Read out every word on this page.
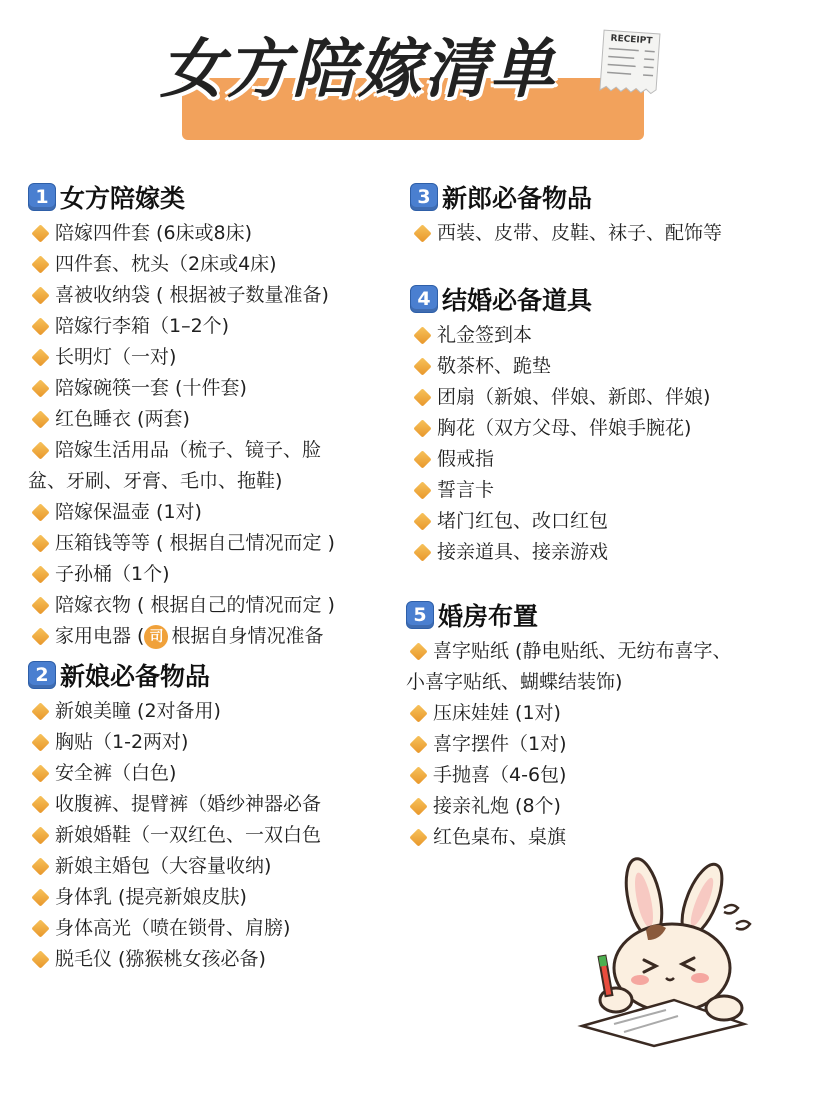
女方陪嫁清单	RECEIPT
1 女方陪嫁类
陪嫁四件套 (6床或8床)
四件套、枕头（2床或4床)
喜被收纳袋 ( 根据被子数量准备)
陪嫁行李箱（1–2个)
长明灯（一对)
陪嫁碗筷一套 (十件套)
红色睡衣 (两套)
陪嫁生活用品（梳子、镜子、脸
盆、牙刷、牙膏、毛巾、拖鞋)
陪嫁保温壶 (1对)
压箱钱等等 ( 根据自己情况而定 )
子孙桶（1个)
陪嫁衣物 ( 根据自己的情况而定 )
家用电器 ( 司 根据自身情况准备
2 新娘必备物品
新娘美瞳 (2对备用)
胸贴（1-2两对)
安全裤（白色)
收腹裤、提臂裤（婚纱神器必备
新娘婚鞋（一双红色、一双白色
新娘主婚包（大容量收纳)
身体乳 (提亮新娘皮肤)
身体高光（喷在锁骨、肩膀)
脱毛仪 (猕猴桃女孩必备)
3 新郎必备物品
西装、皮带、皮鞋、袜子、配饰等
4 结婚必备道具
礼金签到本
敬茶杯、跪垫
团扇（新娘、伴娘、新郎、伴娘)
胸花（双方父母、伴娘手腕花)
假戒指
誓言卡
堵门红包、改口红包
接亲道具、接亲游戏
5 婚房布置
喜字贴纸 (静电贴纸、无纺布喜字、
小喜字贴纸、蝴蝶结装饰)
压床娃娃 (1对)
喜字摆件（1对)
手抛喜（4-6包)
接亲礼炮 (8个)
红色桌布、桌旗
